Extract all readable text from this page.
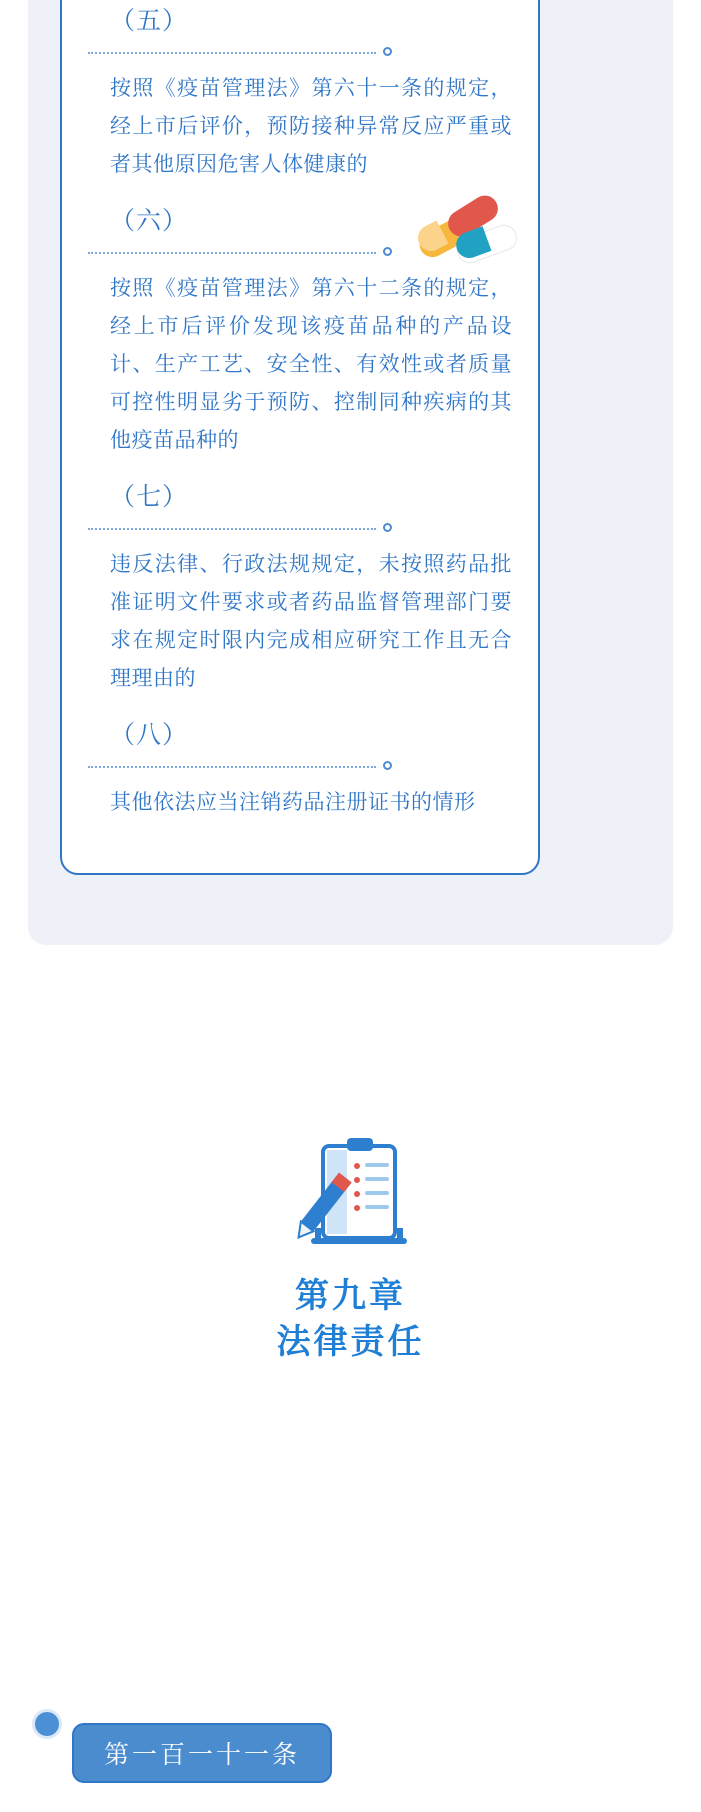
（五）
按照《疫苗管理法》第六十一条的规定，经上市后评价，预防接种异常反应严重或者其他原因危害人体健康的
（六）
按照《疫苗管理法》第六十二条的规定，经上市后评价发现该疫苗品种的产品设计、生产工艺、安全性、有效性或者质量可控性明显劣于预防、控制同种疾病的其他疫苗品种的
（七）
违反法律、行政法规规定，未按照药品批准证明文件要求或者药品监督管理部门要求在规定时限内完成相应研究工作且无合理理由的
（八）
其他依法应当注销药品注册证书的情形
第九章
法律责任
第一百一十一条
